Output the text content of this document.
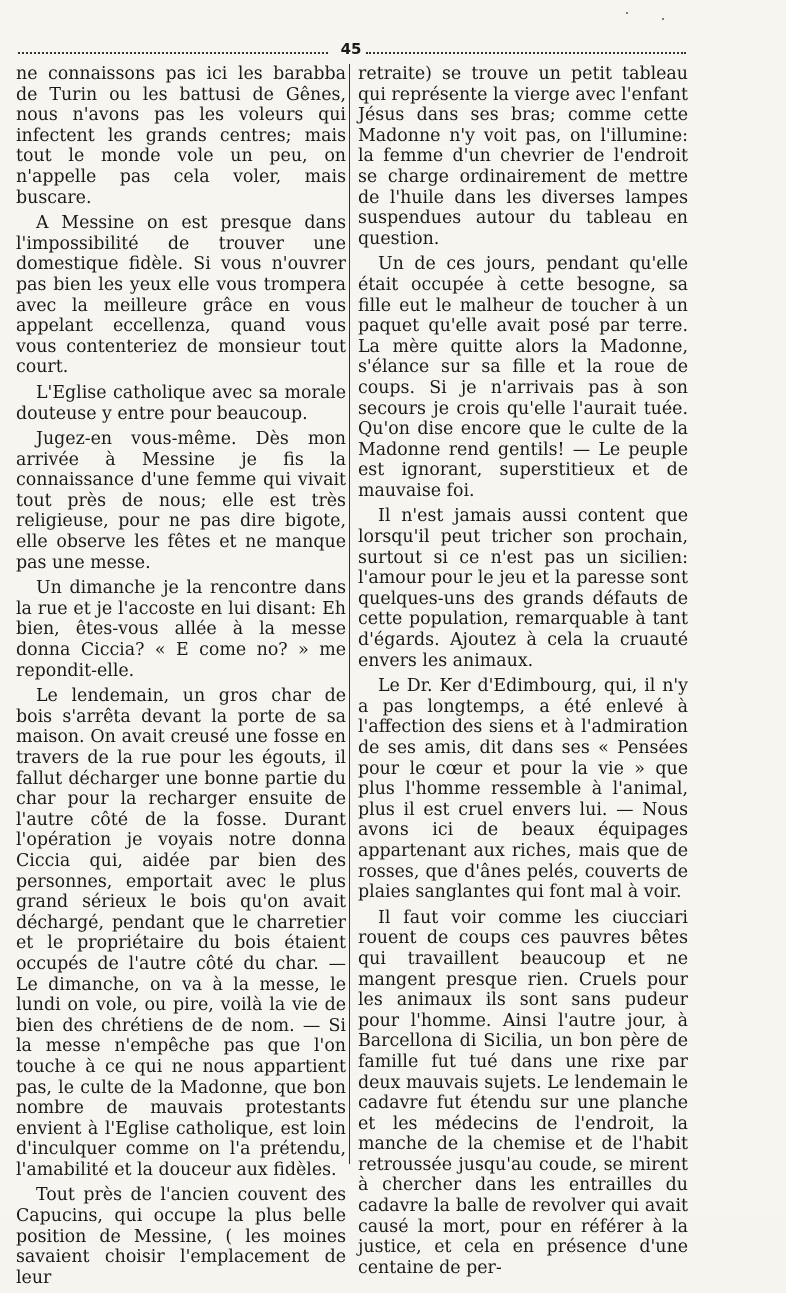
45

ne connaissons pas ici les barabba de Turin ou les battusi de Gênes, nous n'avons pas les voleurs qui infectent les grands centres; mais tout le monde vole un peu, on n'appelle pas cela voler, mais buscare.

A Messine on est presque dans l'impossibilité de trouver une domestique fidèle. Si vous n'ouvrer pas bien les yeux elle vous trompera avec la meilleure grâce en vous appelant eccellenza, quand vous vous contenteriez de monsieur tout court.

L'Eglise catholique avec sa morale douteuse y entre pour beaucoup.

Jugez-en vous-même. Dès mon arrivée à Messine je fis la connaissance d'une femme qui vivait tout près de nous; elle est très religieuse, pour ne pas dire bigote, elle observe les fêtes et ne manque pas une messe.

Un dimanche je la rencontre dans la rue et je l'accoste en lui disant: Eh bien, êtes-vous allée à la messe donna Ciccia? « E come no? » me repondit-elle.

Le lendemain, un gros char de bois s'arrêta devant la porte de sa maison. On avait creusé une fosse en travers de la rue pour les égouts, il fallut décharger une bonne partie du char pour la recharger ensuite de l'autre côté de la fosse. Durant l'opération je voyais notre donna Ciccia qui, aidée par bien des personnes, emportait avec le plus grand sérieux le bois qu'on avait déchargé, pendant que le charretier et le propriétaire du bois étaient occupés de l'autre côté du char. — Le dimanche, on va à la messe, le lundi on vole, ou pire, voilà la vie de bien des chrétiens de de nom. — Si la messe n'empêche pas que l'on touche à ce qui ne nous appartient pas, le culte de la Madonne, que bon nombre de mauvais protestants envient à l'Eglise catholique, est loin d'inculquer comme on l'a prétendu, l'amabilité et la douceur aux fidèles.

Tout près de l'ancien couvent des Capucins, qui occupe la plus belle position de Messine, ( les moines savaient choisir l'emplacement de leur

retraite) se trouve un petit tableau qui représente la vierge avec l'enfant Jésus dans ses bras; comme cette Madonne n'y voit pas, on l'illumine: la femme d'un chevrier de l'endroit se charge ordinairement de mettre de l'huile dans les diverses lampes suspendues autour du tableau en question.

Un de ces jours, pendant qu'elle était occupée à cette besogne, sa fille eut le malheur de toucher à un paquet qu'elle avait posé par terre. La mère quitte alors la Madonne, s'élance sur sa fille et la roue de coups. Si je n'arrivais pas à son secours je crois qu'elle l'aurait tuée. Qu'on dise encore que le culte de la Madonne rend gentils! — Le peuple est ignorant, superstitieux et de mauvaise foi.

Il n'est jamais aussi content que lorsqu'il peut tricher son prochain, surtout si ce n'est pas un sicilien: l'amour pour le jeu et la paresse sont quelques-uns des grands défauts de cette population, remarquable à tant d'égards. Ajoutez à cela la cruauté envers les animaux.

Le Dr. Ker d'Edimbourg, qui, il n'y a pas longtemps, a été enlevé à l'affection des siens et à l'admiration de ses amis, dit dans ses « Pensées pour le cœur et pour la vie » que plus l'homme ressemble à l'animal, plus il est cruel envers lui. — Nous avons ici de beaux équipages appartenant aux riches, mais que de rosses, que d'ânes pelés, couverts de plaies sanglantes qui font mal à voir.

Il faut voir comme les ciucciari rouent de coups ces pauvres bêtes qui travaillent beaucoup et ne mangent presque rien. Cruels pour les animaux ils sont sans pudeur pour l'homme. Ainsi l'autre jour, à Barcellona di Sicilia, un bon père de famille fut tué dans une rixe par deux mauvais sujets. Le lendemain le cadavre fut étendu sur une planche et les médecins de l'endroit, la manche de la chemise et de l'habit retroussée jusqu'au coude, se mirent à chercher dans les entrailles du cadavre la balle de revolver qui avait causé la mort, pour en référer à la justice, et cela en présence d'une centaine de per-
